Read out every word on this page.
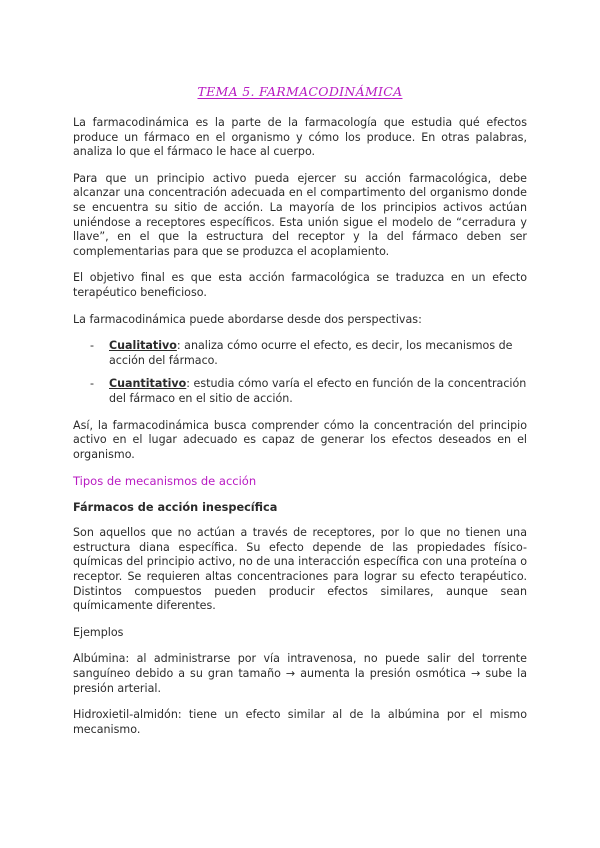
TEMA 5. FARMACODINÁMICA

La farmacodinámica es la parte de la farmacología que estudia qué efectos produce un fármaco en el organismo y cómo los produce. En otras palabras, analiza lo que el fármaco le hace al cuerpo.

Para que un principio activo pueda ejercer su acción farmacológica, debe alcanzar una concentración adecuada en el compartimento del organismo donde se encuentra su sitio de acción. La mayoría de los principios activos actúan uniéndose a receptores específicos. Esta unión sigue el modelo de “cerradura y llave”, en el que la estructura del receptor y la del fármaco deben ser complementarias para que se produzca el acoplamiento.

El objetivo final es que esta acción farmacológica se traduzca en un efecto terapéutico beneficioso.

La farmacodinámica puede abordarse desde dos perspectivas:

- Cualitativo: analiza cómo ocurre el efecto, es decir, los mecanismos de acción del fármaco.
- Cuantitativo: estudia cómo varía el efecto en función de la concentración del fármaco en el sitio de acción.

Así, la farmacodinámica busca comprender cómo la concentración del principio activo en el lugar adecuado es capaz de generar los efectos deseados en el organismo.

Tipos de mecanismos de acción
Fármacos de acción inespecífica

Son aquellos que no actúan a través de receptores, por lo que no tienen una estructura diana específica. Su efecto depende de las propiedades físico-químicas del principio activo, no de una interacción específica con una proteína o receptor. Se requieren altas concentraciones para lograr su efecto terapéutico. Distintos compuestos pueden producir efectos similares, aunque sean químicamente diferentes.

Ejemplos

Albúmina: al administrarse por vía intravenosa, no puede salir del torrente sanguíneo debido a su gran tamaño → aumenta la presión osmótica → sube la presión arterial.

Hidroxietil-almidón: tiene un efecto similar al de la albúmina por el mismo mecanismo.
